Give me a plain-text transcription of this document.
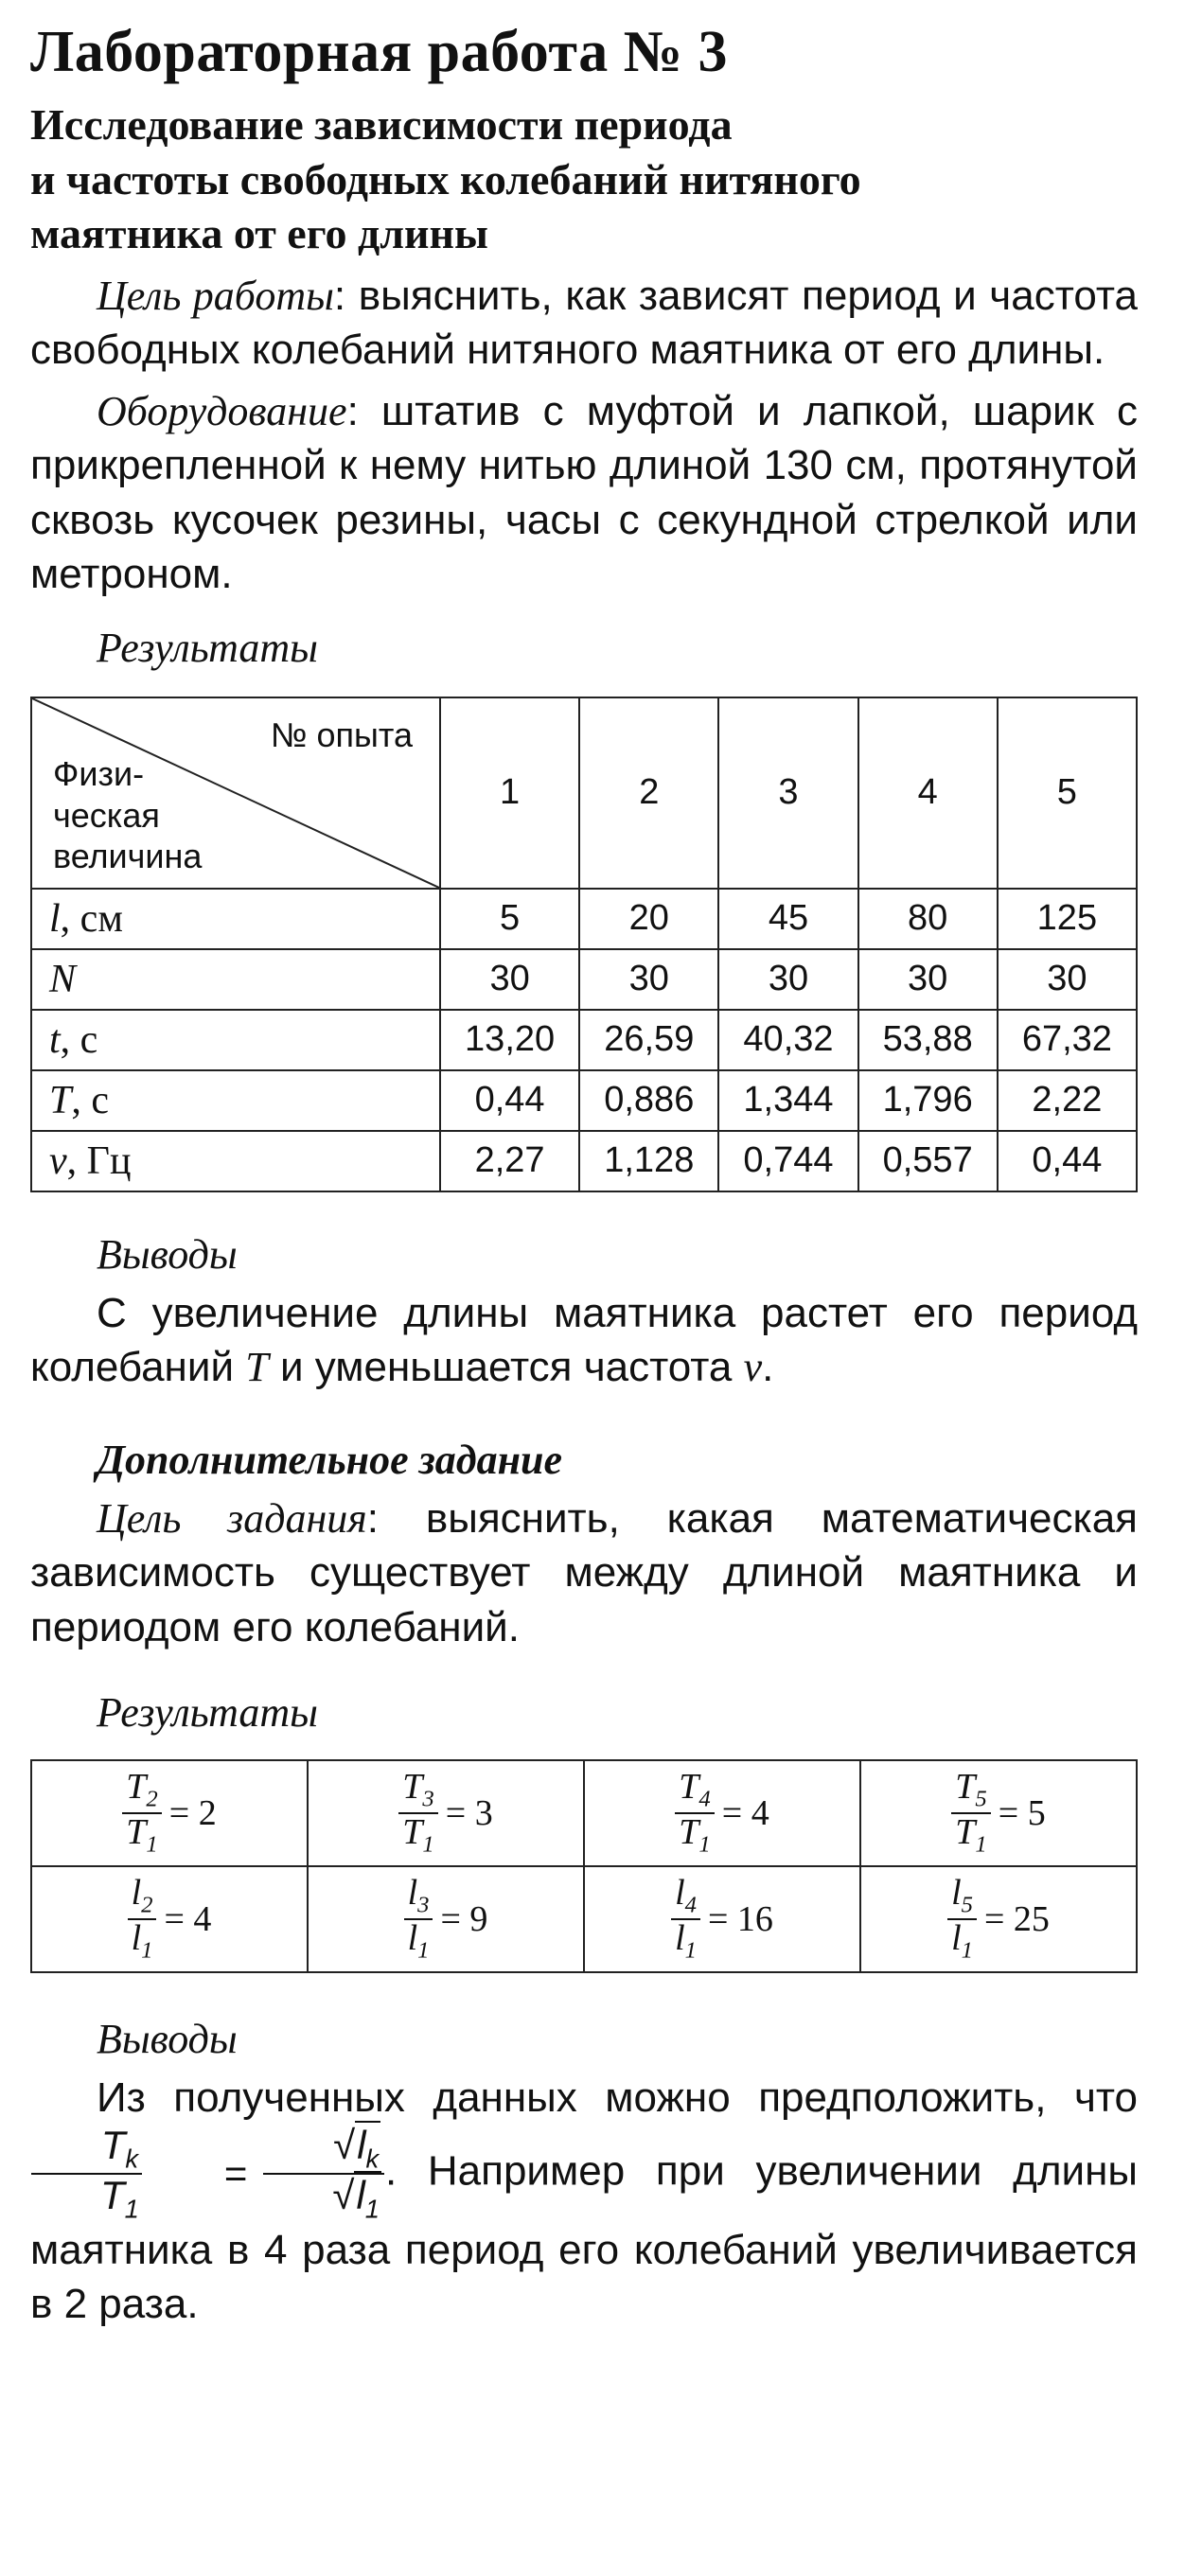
Лабораторная работа № 3
Исследование зависимости периода
и частоты свободных колебаний нитяного
маятника от его длины

Цель работы: выяснить, как зависят период и частота свободных колебаний нитяного маятника от его длины.

Оборудование: штатив с муфтой и лапкой, шарик с прикрепленной к нему нитью длиной 130 см, протянутой сквозь кусочек резины, часы с секундной стрелкой или метроном.

Результаты
№ опыта
Физи-
ческая
величина	1	2	3	4	5
l, см	5	20	45	80	125
N	30	30	30	30	30
t, с	13,20	26,59	40,32	53,88	67,32
T, с	0,44	0,886	1,344	1,796	2,22
ν, Гц	2,27	1,128	0,744	0,557	0,44
Выводы

С увеличение длины маятника растет его период колебаний T и уменьшается частота ν.

Дополнительное задание

Цель задания: выяснить, какая математическая зависимость существует между длиной маятника и периодом его колебаний.

Результаты
$\frac{T_2}{T_1} = 2$	$\frac{T_3}{T_1} = 3$	$\frac{T_4}{T_1} = 4$	$\frac{T_5}{T_1} = 5$

$\frac{l_2}{l_1} = 4$	$\frac{l_3}{l_1} = 9$	$\frac{l_4}{l_1} = 16$	$\frac{l_5}{l_1} = 25$
Выводы

Из полученных данных можно предположить, что
$\frac{T_k}{T_1}$	= $\frac{√l_k}{√l_1}$ . Например при увеличении длины маятника в 4 раза период его колебаний увеличивается в 2 раза.
